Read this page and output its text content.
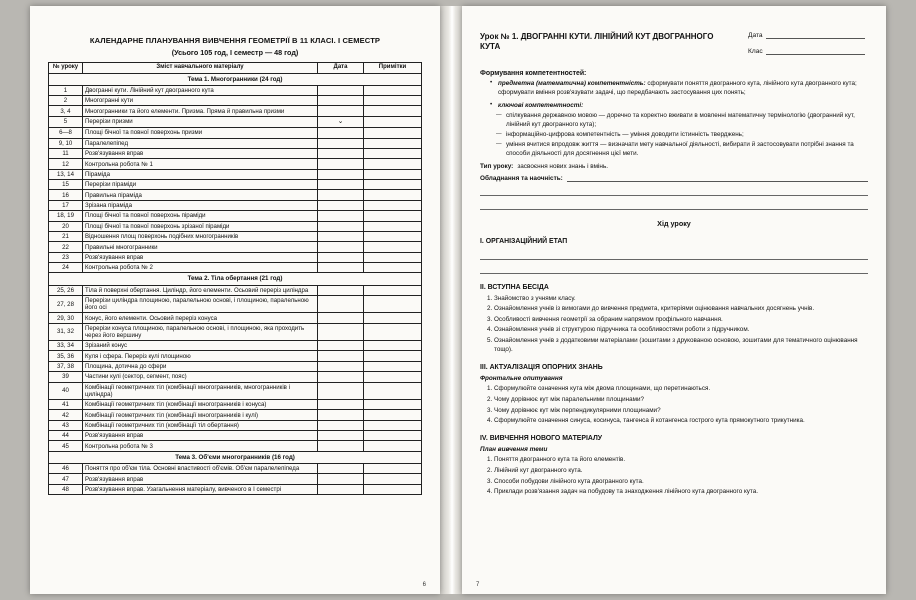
КАЛЕНДАРНЕ ПЛАНУВАННЯ ВИВЧЕННЯ ГЕОМЕТРІЇ В 11 КЛАСІ. І СЕМЕСТР
(Усього 105 год, І семестр — 48 год)
№ уроку	Зміст навчального матеріалу	Дата	Примітки
Тема 1. Многогранники (24 год)			
1	Двогранні кути. Лінійний кут двогранного кута		
2	Многогранні кути		
3, 4	Многогранники та його елементи. Призма. Пряма й правильна призми		
5	Перерізи призми	⌄	
6—8	Площі бічної та повної поверхонь призми		
9, 10	Паралелепіпед		
11	Розв'язування вправ		
12	Контрольна робота № 1		
13, 14	Піраміда		
15	Перерізи піраміди		
16	Правильна піраміда		
17	Зрізана піраміда		
18, 19	Площі бічної та повної поверхонь піраміди		
20	Площі бічної та повної поверхонь зрізаної піраміди		
21	Відношення площ поверхонь подібних многогранників		
22	Правильні многогранники		
23	Розв'язування вправ		
24	Контрольна робота № 2		
Тема 2. Тіла обертання (21 год)			
25, 26	Тіла й поверхні обертання. Циліндр, його елементи. Осьовий переріз циліндра		
27, 28	Перерізи циліндра площиною, паралельною основі, і площиною, паралельною його осі		
29, 30	Конус, його елементи. Осьовий переріз конуса		
31, 32	Перерізи конуса площиною, паралельною основі, і площиною, яка проходить через його вершину		
33, 34	Зрізаний конус		
35, 36	Куля і сфера. Переріз кулі площиною		
37, 38	Площина, дотична до сфери		
39	Частини кулі (сектор, сегмент, пояс)		
40	Комбінації геометричних тіл (комбінації многогранників, многогранників і циліндра)		
41	Комбінації геометричних тіл (комбінації многогранників і конуса)		
42	Комбінації геометричних тіл (комбінації многогранників і кулі)		
43	Комбінації геометричних тіл (комбінації тіл обертання)		
44	Розв'язування вправ		
45	Контрольна робота № 3		
Тема 3. Об'єми многогранників (16 год)			
46	Поняття про об'єм тіла. Основні властивості об'ємів. Об'єм паралелепіпеда		
47	Розв'язування вправ		
48	Розв'язування вправ. Узагальнення матеріалу, вивченого в І семестрі		
6
Урок № 1. ДВОГРАННІ КУТИ. ЛІНІЙНИЙ КУТ ДВОГРАННОГО КУТА
Дата
Клас
Формування компетентностей:
• предметна (математична) компетентність: сформувати поняття двогранного кута, лінійного кута двогранного кута; сформувати вміння розв'язувати задачі, що передбачають застосування цих понять;
• ключові компетентності:
— спілкування державною мовою — доречно та коректно вживати в мовленні математичну термінологію (двогранний кут, лінійний кут двогранного кута);
— інформаційно-цифрова компетентність — уміння доводити істинність тверджень;
— уміння вчитися впродовж життя — визначати мету навчальної діяльності, вибирати й застосовувати потрібні знання та способи діяльності для досягнення цієї мети.
Тип уроку: засвоєння нових знань і вмінь.
Обладнання та наочність:
Хід уроку
I. ОРГАНІЗАЦІЙНИЙ ЕТАП
II. ВСТУПНА БЕСІДА
1. Знайомство з учнями класу.
2. Ознайомлення учнів із вимогами до вивчення предмета, критеріями оцінювання навчальних досягнень учнів.
3. Особливості вивчення геометрії за обраним напрямом профільного навчання.
4. Ознайомлення учнів зі структурою підручника та особливостями роботи з підручником.
5. Ознайомлення учнів з додатковими матеріалами (зошитами з друкованою основою, зошитами для тематичного оцінювання тощо).
III. АКТУАЛІЗАЦІЯ ОПОРНИХ ЗНАНЬ
Фронтальне опитування
1. Сформулюйте означення кута між двома площинами, що перетинаються.
2. Чому дорівнює кут між паралельними площинами?
3. Чому дорівнює кут між перпендикулярними площинами?
4. Сформулюйте означення синуса, косинуса, тангенса й котангенса гострого кута прямокутного трикутника.
IV. ВИВЧЕННЯ НОВОГО МАТЕРІАЛУ
План вивчення теми
1. Поняття двогранного кута та його елементів.
2. Лінійний кут двогранного кута.
3. Способи побудови лінійного кута двогранного кута.
4. Приклади розв'язання задач на побудову та знаходження лінійного кута двогранного кута.
7
